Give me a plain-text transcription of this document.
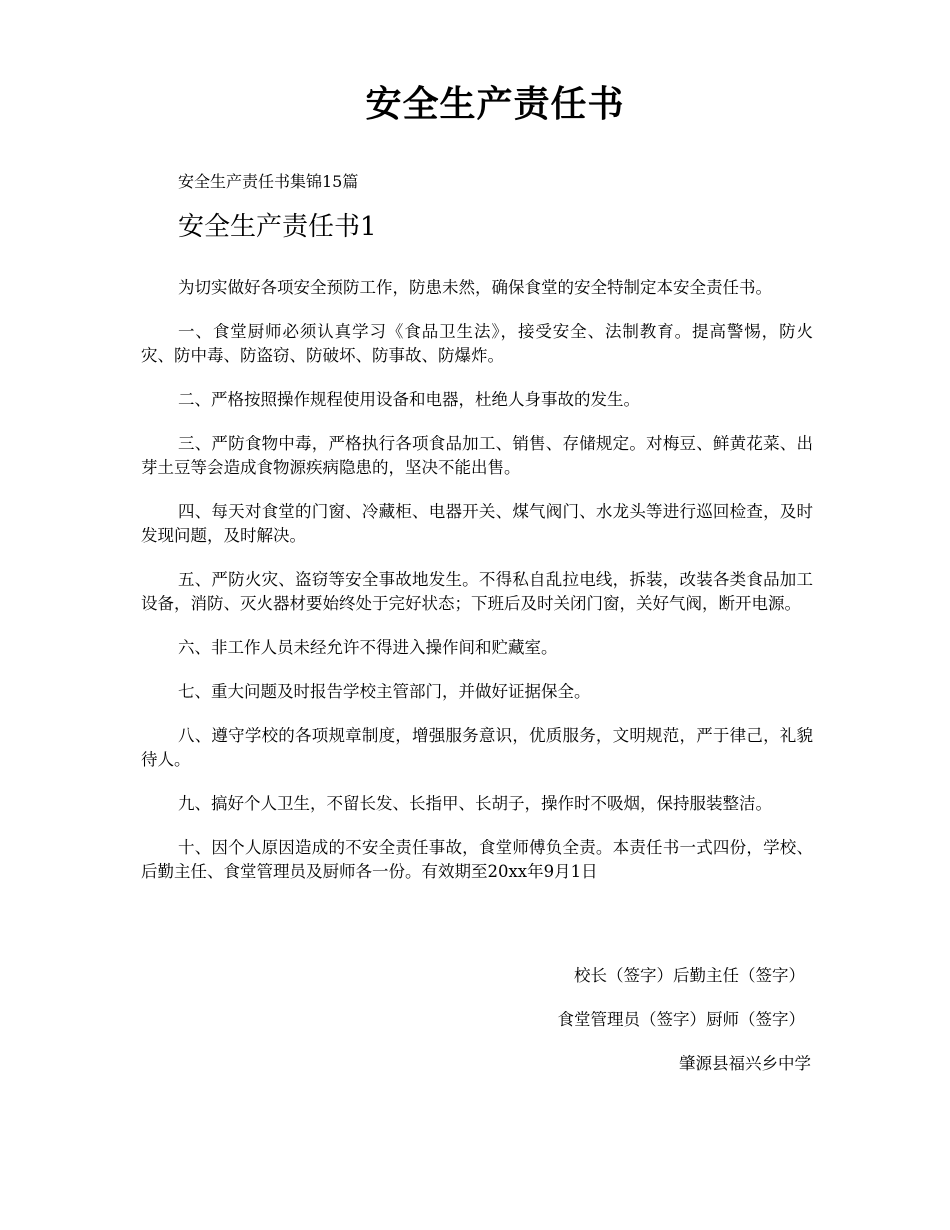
安全生产责任书
安全生产责任书集锦15篇
安全生产责任书1

为切实做好各项安全预防工作，防患未然，确保食堂的安全特制定本安全责任书。

一、食堂厨师必须认真学习《食品卫生法》，接受安全、法制教育。提高警惕，防火灾、防中毒、防盗窃、防破坏、防事故、防爆炸。

二、严格按照操作规程使用设备和电器，杜绝人身事故的发生。

三、严防食物中毒，严格执行各项食品加工、销售、存储规定。对梅豆、鲜黄花菜、出芽土豆等会造成食物源疾病隐患的，坚决不能出售。

四、每天对食堂的门窗、冷藏柜、电器开关、煤气阀门、水龙头等进行巡回检查，及时发现问题，及时解决。

五、严防火灾、盗窃等安全事故地发生。不得私自乱拉电线，拆装，改装各类食品加工设备，消防、灭火器材要始终处于完好状态；下班后及时关闭门窗，关好气阀，断开电源。

六、非工作人员未经允许不得进入操作间和贮藏室。

七、重大问题及时报告学校主管部门，并做好证据保全。

八、遵守学校的各项规章制度，增强服务意识，优质服务，文明规范，严于律己，礼貌待人。

九、搞好个人卫生，不留长发、长指甲、长胡子，操作时不吸烟，保持服装整洁。

十、因个人原因造成的不安全责任事故，食堂师傅负全责。本责任书一式四份，学校、后勤主任、食堂管理员及厨师各一份。有效期至20xx年9月1日

校长（签字）后勤主任（签字）
食堂管理员（签字）厨师（签字）
肇源县福兴乡中学
